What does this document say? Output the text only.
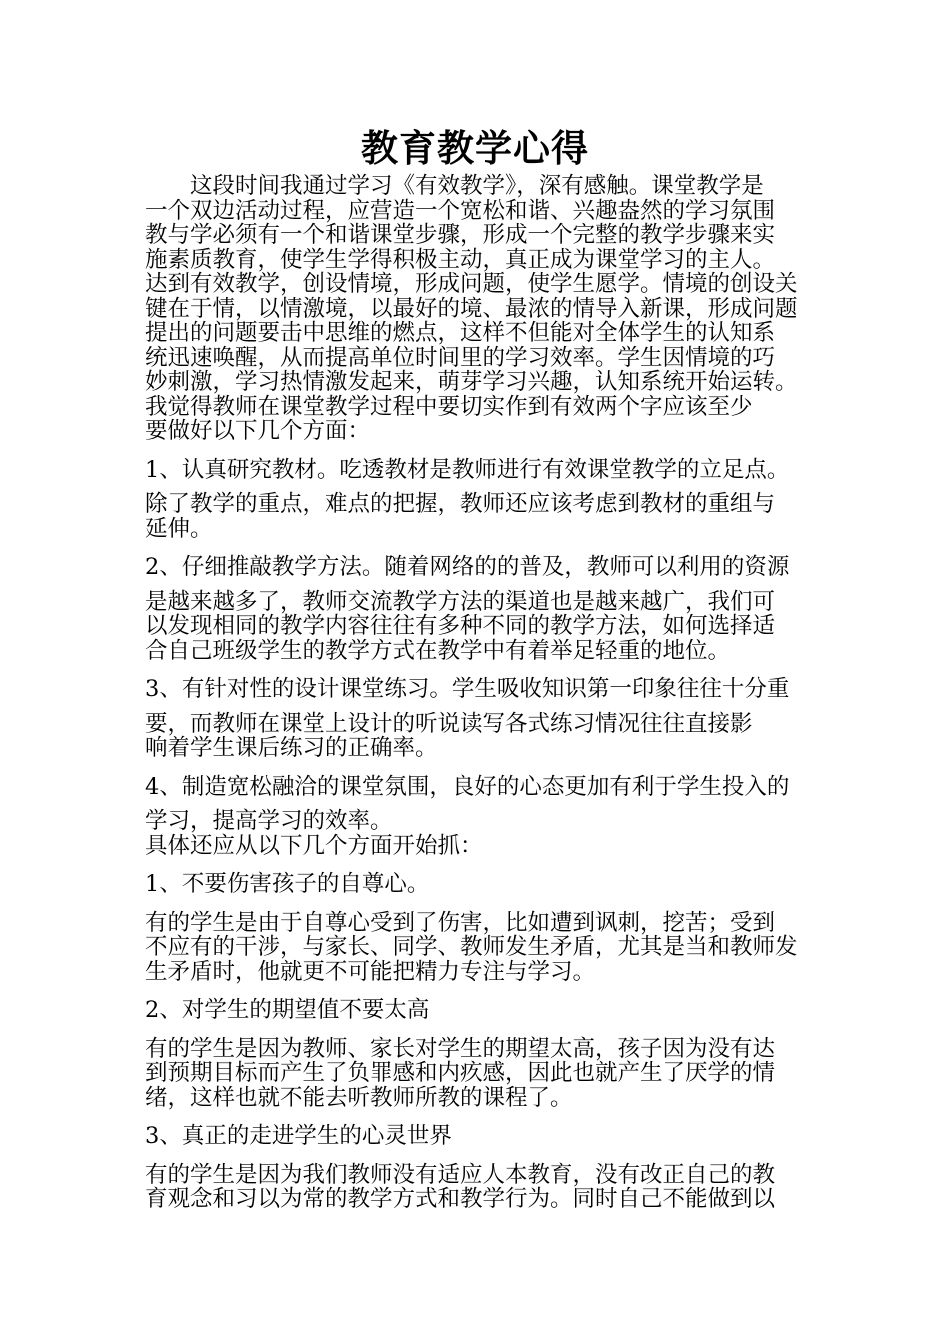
教育教学心得

这段时间我通过学习《有效教学》，深有感触。课堂教学是
一个双边活动过程，应营造一个宽松和谐、兴趣盎然的学习氛围
教与学必须有一个和谐课堂步骤，形成一个完整的教学步骤来实
施素质教育，使学生学得积极主动，真正成为课堂学习的主人。
达到有效教学，创设情境，形成问题，使学生愿学。情境的创设关
键在于情，以情激境，以最好的境、最浓的情导入新课，形成问题
提出的问题要击中思维的燃点，这样不但能对全体学生的认知系
统迅速唤醒，从而提高单位时间里的学习效率。学生因情境的巧
妙刺激，学习热情激发起来，萌芽学习兴趣，认知系统开始运转。
我觉得教师在课堂教学过程中要切实作到有效两个字应该至少
要做好以下几个方面：

1、认真研究教材。吃透教材是教师进行有效课堂教学的立足点。

除了教学的重点，难点的把握，教师还应该考虑到教材的重组与
延伸。

2、仔细推敲教学方法。随着网络的的普及，教师可以利用的资源

是越来越多了，教师交流教学方法的渠道也是越来越广，我们可
以发现相同的教学内容往往有多种不同的教学方法，如何选择适
合自己班级学生的教学方式在教学中有着举足轻重的地位。

3、有针对性的设计课堂练习。学生吸收知识第一印象往往十分重

要，而教师在课堂上设计的听说读写各式练习情况往往直接影
响着学生课后练习的正确率。

4、制造宽松融洽的课堂氛围，良好的心态更加有利于学生投入的

学习，提高学习的效率。

具体还应从以下几个方面开始抓：

1、不要伤害孩子的自尊心。

有的学生是由于自尊心受到了伤害，比如遭到讽刺，挖苦；受到
不应有的干涉，与家长、同学、教师发生矛盾，尤其是当和教师发
生矛盾时，他就更不可能把精力专注与学习。

2、对学生的期望值不要太高

有的学生是因为教师、家长对学生的期望太高，孩子因为没有达
到预期目标而产生了负罪感和内疚感，因此也就产生了厌学的情
绪，这样也就不能去听教师所教的课程了。

3、真正的走进学生的心灵世界

有的学生是因为我们教师没有适应人本教育，没有改正自己的教
育观念和习以为常的教学方式和教学行为。同时自己不能做到以
